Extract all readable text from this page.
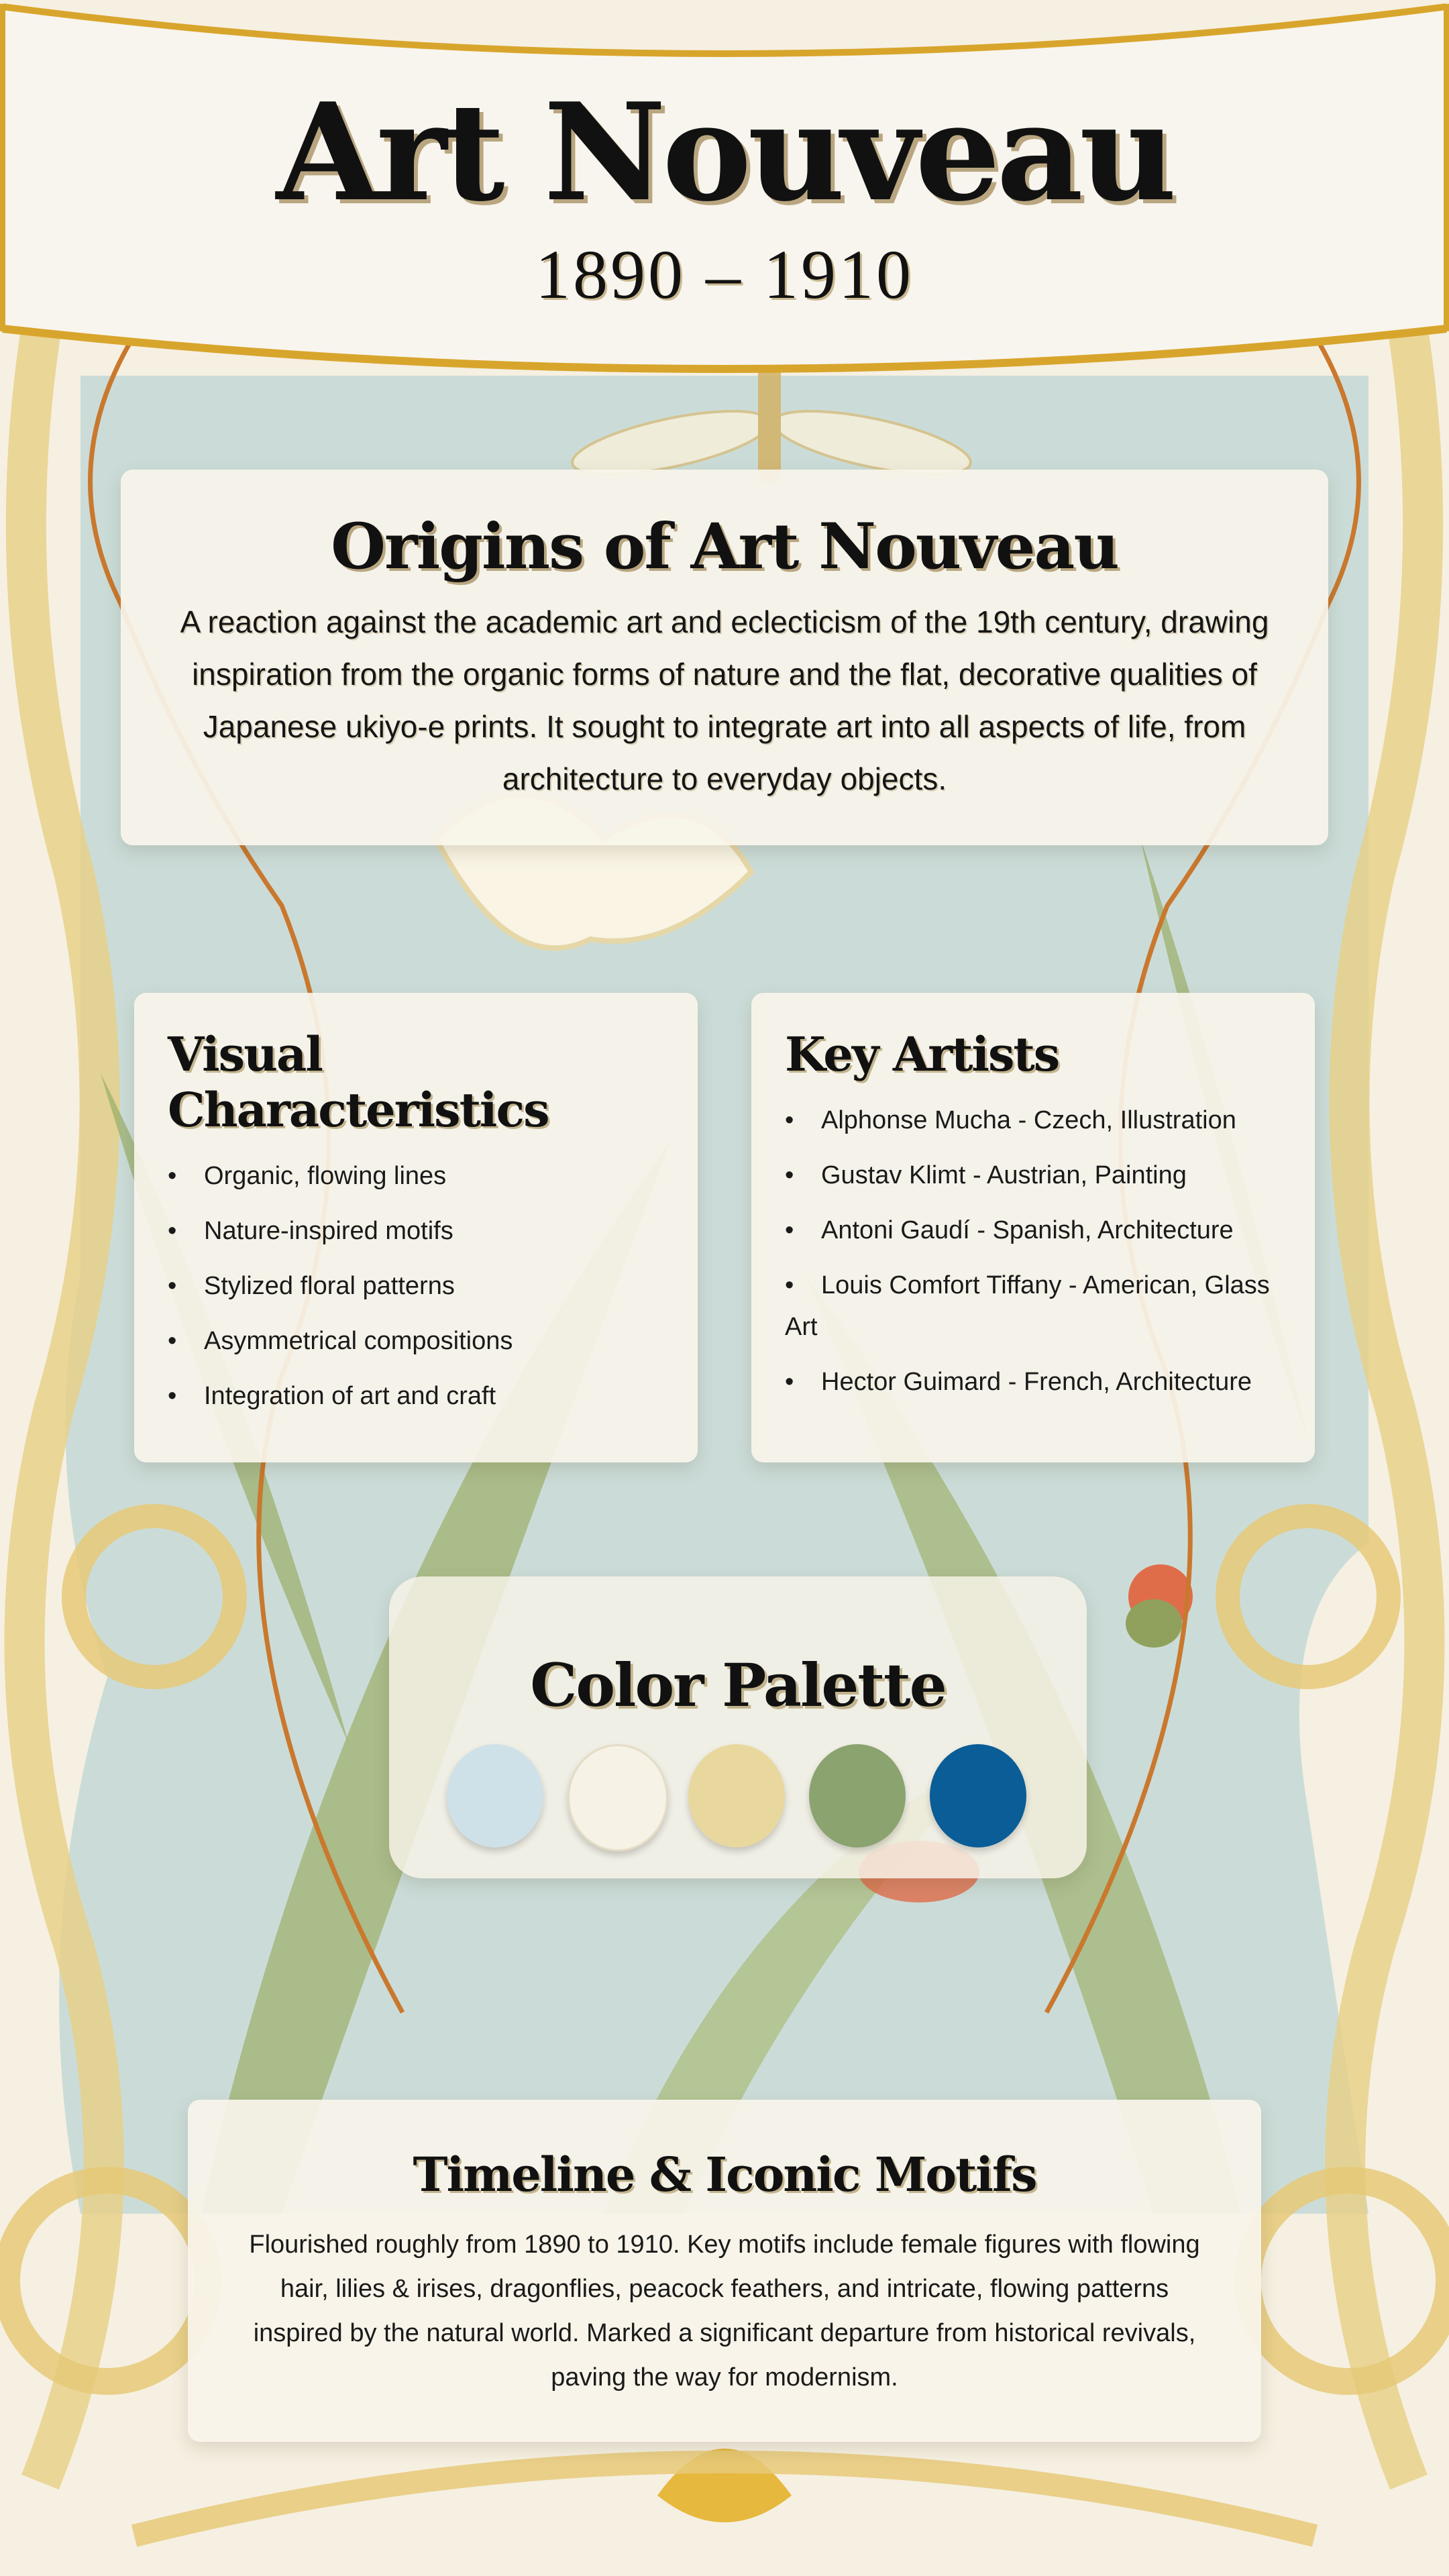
Art Nouveau
1890 – 1910
Origins of Art Nouveau

A reaction against the academic art and eclecticism of the 19th century, drawing inspiration from the organic forms of nature and the flat, decorative qualities of Japanese ukiyo-e prints. It sought to integrate art into all aspects of life, from architecture to everyday objects.

Visual Characteristics
• Organic, flowing lines
• Nature-inspired motifs
• Stylized floral patterns
• Asymmetrical compositions
• Integration of art and craft
Key Artists
• Alphonse Mucha - Czech, Illustration
• Gustav Klimt - Austrian, Painting
• Antoni Gaudí - Spanish, Architecture
• Louis Comfort Tiffany - American, Glass Art
• Hector Guimard - French, Architecture
Color Palette
Timeline & Iconic Motifs

Flourished roughly from 1890 to 1910. Key motifs include female figures with flowing hair, lilies & irises, dragonflies, peacock feathers, and intricate, flowing patterns inspired by the natural world. Marked a significant departure from historical revivals, paving the way for modernism.
